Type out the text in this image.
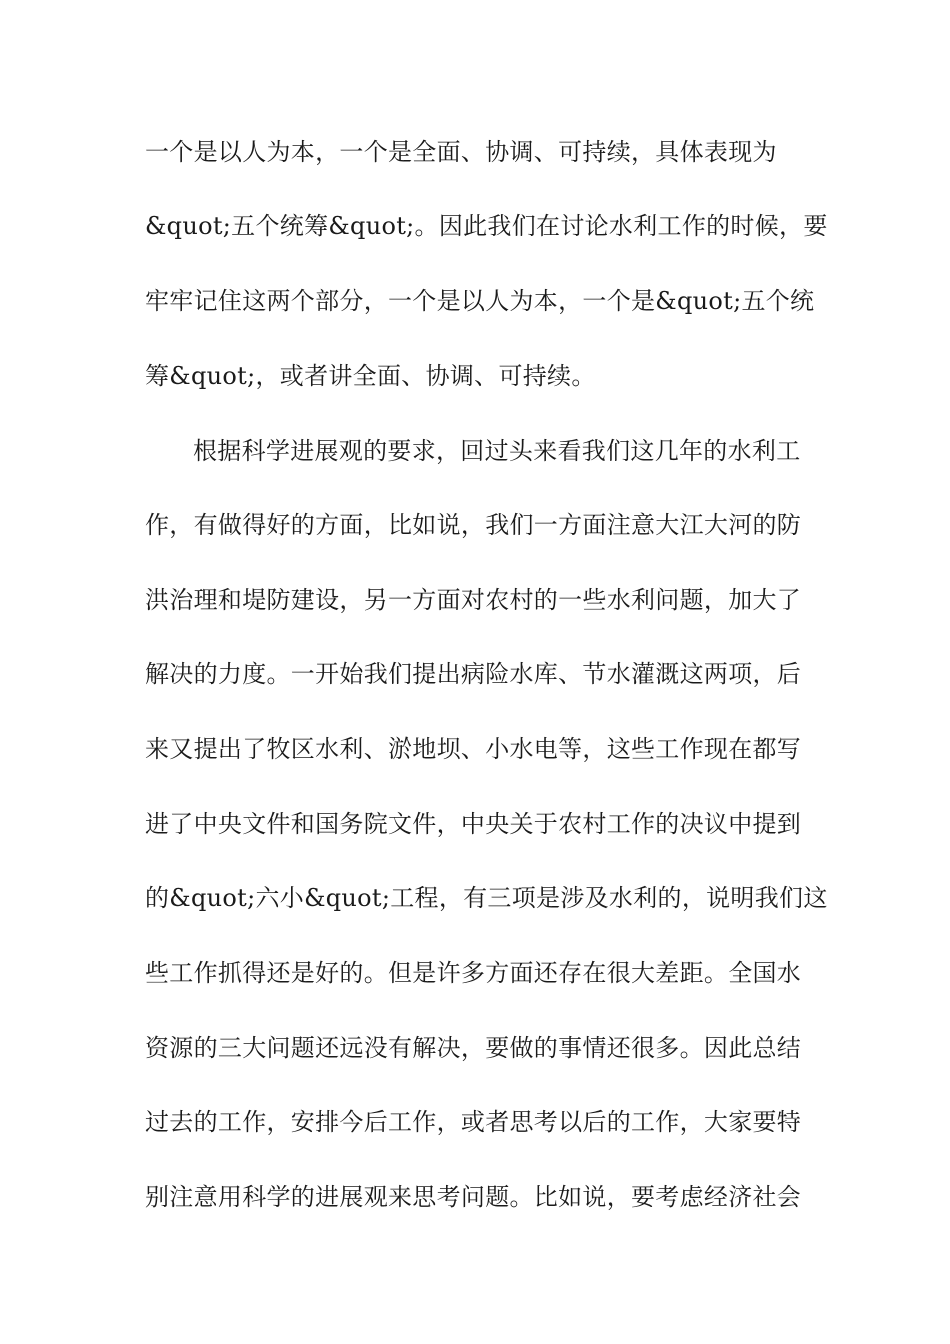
一个是以人为本，一个是全面、协调、可持续，具体表现为
&quot;五个统筹&quot;。因此我们在讨论水利工作的时候，要
牢牢记住这两个部分，一个是以人为本，一个是&quot;五个统
筹&quot;，或者讲全面、协调、可持续。
根据科学进展观的要求，回过头来看我们这几年的水利工
作，有做得好的方面，比如说，我们一方面注意大江大河的防
洪治理和堤防建设，另一方面对农村的一些水利问题，加大了
解决的力度。一开始我们提出病险水库、节水灌溉这两项，后
来又提出了牧区水利、淤地坝、小水电等，这些工作现在都写
进了中央文件和国务院文件，中央关于农村工作的决议中提到
的&quot;六小&quot;工程，有三项是涉及水利的，说明我们这
些工作抓得还是好的。但是许多方面还存在很大差距。全国水
资源的三大问题还远没有解决，要做的事情还很多。因此总结
过去的工作，安排今后工作，或者思考以后的工作，大家要特
别注意用科学的进展观来思考问题。比如说，要考虑经济社会
